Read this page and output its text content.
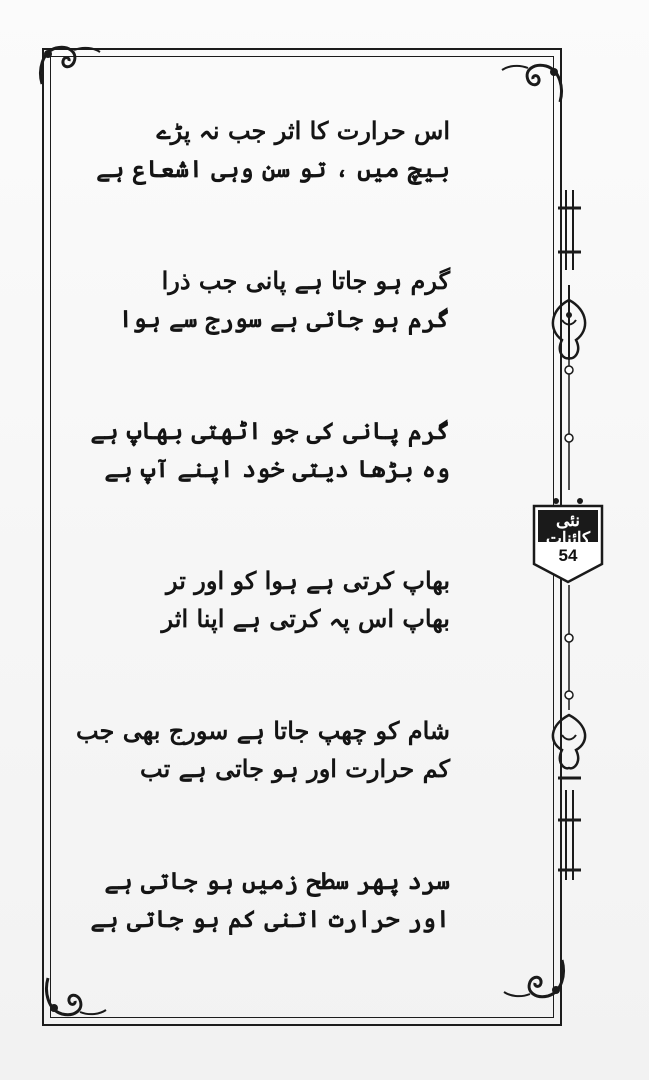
نئی کائنات
54
اس حرارت کا اثر جب نہ پڑے
بیچ میں ، تو سن وہی اشعاع ہے
گرم ہو جاتا ہے پانی جب ذرا
گرم ہو جاتی ہے سورج سے ہوا
گرم پانی کی جو اٹھتی بھاپ ہے
وہ بڑھا دیتی خود اپنے آپ ہے
بھاپ کرتی ہے ہوا کو اور تر
بھاپ اس پہ کرتی ہے اپنا اثر
شام کو چھپ جاتا ہے سورج بھی جب
کم حرارت اور ہو جاتی ہے تب
سرد پھر سطح زمیں ہو جاتی ہے
اور حرارت اتنی کم ہو جاتی ہے
